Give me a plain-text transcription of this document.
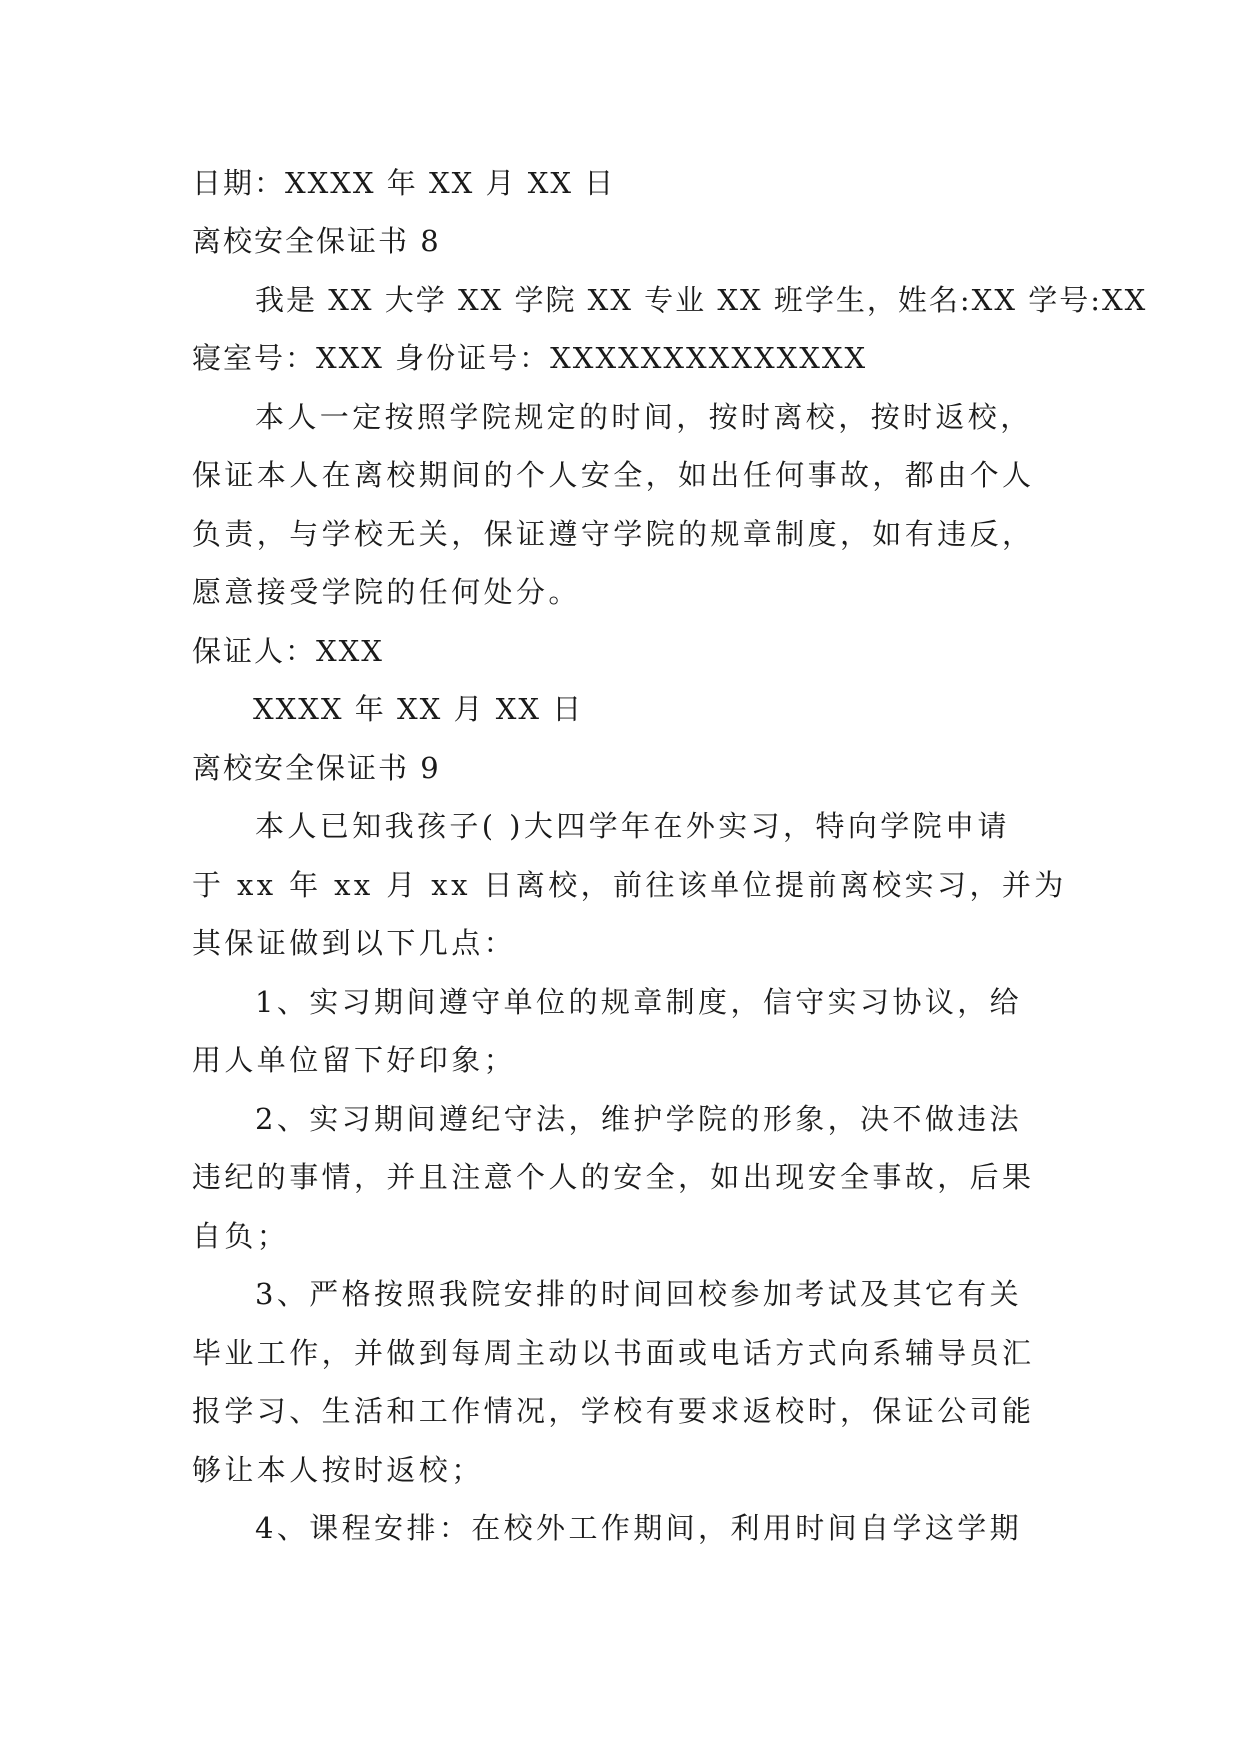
日期：XXXX 年 XX 月 XX 日
离校安全保证书 8
我是 XX 大学 XX 学院 XX 专业 XX 班学生，姓名:XX 学号:XX
寝室号：XXX 身份证号：XXXXXXXXXXXXXX
本人一定按照学院规定的时间，按时离校，按时返校，
保证本人在离校期间的个人安全，如出任何事故，都由个人
负责，与学校无关，保证遵守学院的规章制度，如有违反，
愿意接受学院的任何处分。
保证人：XXX
XXXX 年 XX 月 XX 日
离校安全保证书 9
本人已知我孩子( )大四学年在外实习，特向学院申请
于 xx 年 xx 月 xx 日离校，前往该单位提前离校实习，并为
其保证做到以下几点：
1、实习期间遵守单位的规章制度，信守实习协议，给
用人单位留下好印象；
2、实习期间遵纪守法，维护学院的形象，决不做违法
违纪的事情，并且注意个人的安全，如出现安全事故，后果
自负；
3、严格按照我院安排的时间回校参加考试及其它有关
毕业工作，并做到每周主动以书面或电话方式向系辅导员汇
报学习、生活和工作情况，学校有要求返校时，保证公司能
够让本人按时返校；
4、课程安排：在校外工作期间，利用时间自学这学期
